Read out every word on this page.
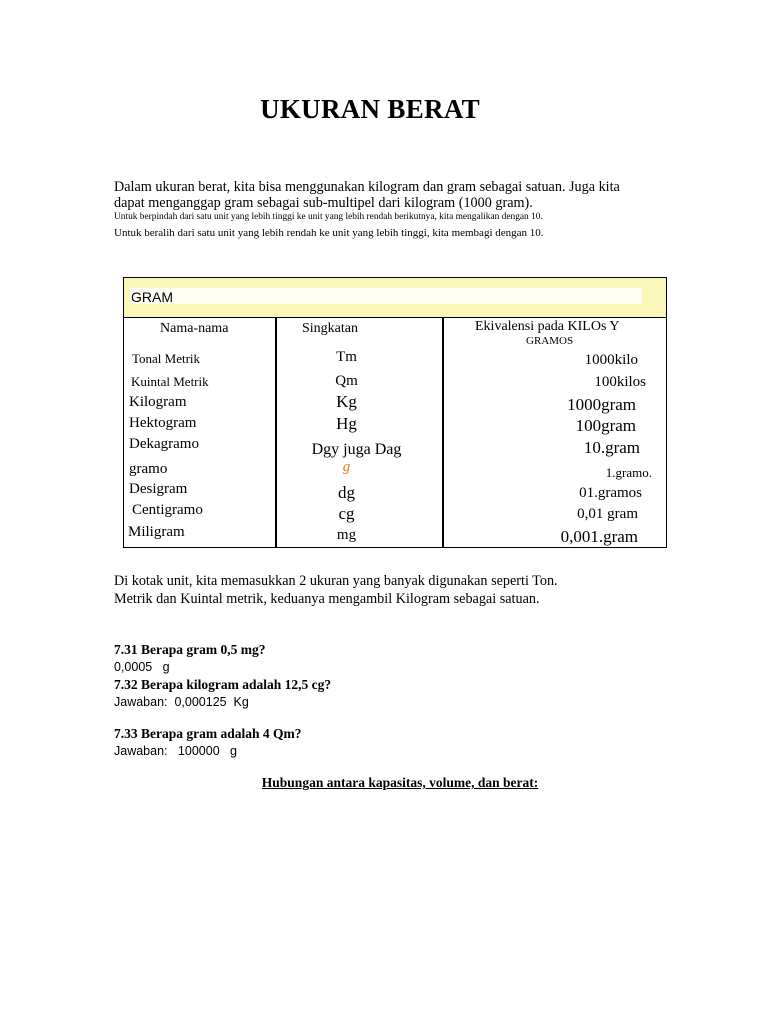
UKURAN BERAT

Dalam ukuran berat, kita bisa menggunakan kilogram dan gram sebagai satuan. Juga kita dapat menganggap gram sebagai sub-multipel dari kilogram (1000 gram).

Untuk berpindah dari satu unit yang lebih tinggi ke unit yang lebih rendah berikutnya, kita mengalikan dengan 10.

Untuk beralih dari satu unit yang lebih rendah ke unit yang lebih tinggi, kita membagi dengan 10.

GRAM
Nama-nama	Singkatan	Ekivalensi pada KILOs Y
GRAMOS
Tonal Metrik	Tm	1000kilo
Kuintal Metrik	Qm	100kilos
Kilogram	Kg	1000gram
Hektogram	Hg	100gram
Dekagramo	Dgy juga Dag	10.gram
gramo	g	1.gramo.
Desigram	dg	01.gramos
Centigramo	cg	0,01 gram
Miligram	mg	0,001.gram
Di kotak unit, kita memasukkan 2 ukuran yang banyak digunakan seperti Ton.
Metrik dan Kuintal metrik, keduanya mengambil Kilogram sebagai satuan.
7.31 Berapa gram 0,5 mg?
0,0005   g
7.32 Berapa kilogram adalah 12,5 cg?
Jawaban:  0,000125  Kg
7.33 Berapa gram adalah 4 Qm?
Jawaban:   100000   g
Hubungan antara kapasitas, volume, dan berat:
